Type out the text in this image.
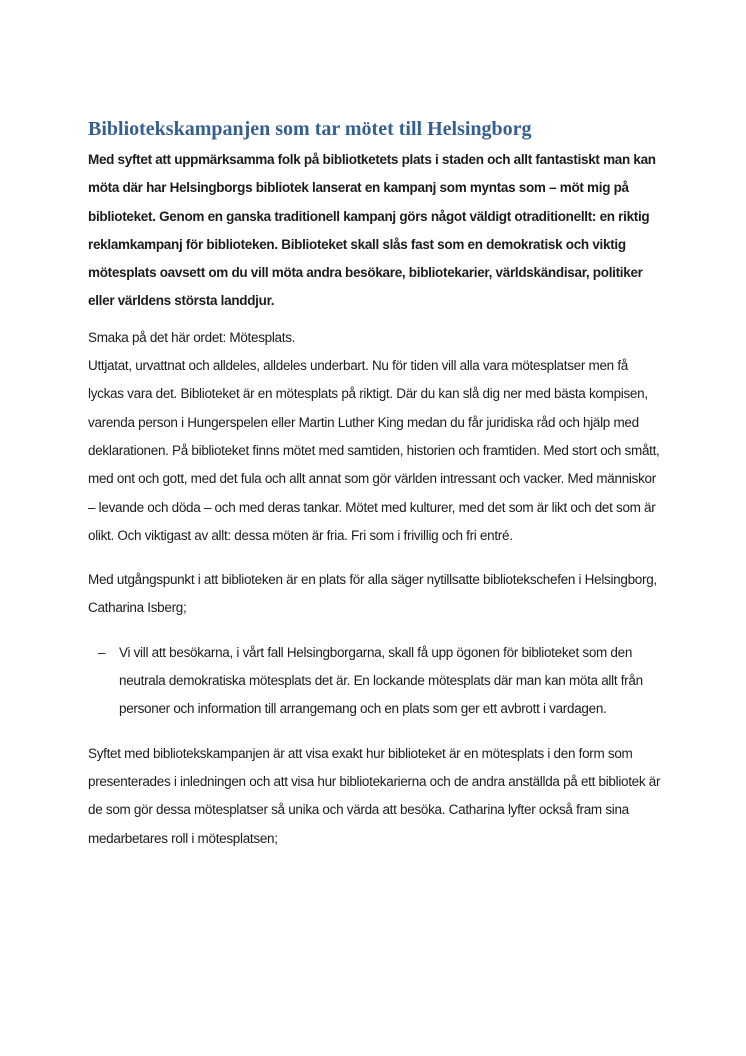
Bibliotekskampanjen som tar mötet till Helsingborg

Med syftet att uppmärksamma folk på bibliotketets plats i staden och allt fantastiskt man kan möta där har Helsingborgs bibliotek lanserat en kampanj som myntas som – möt mig på biblioteket. Genom en ganska traditionell kampanj görs något väldigt otraditionellt: en riktig reklamkampanj för biblioteken. Biblioteket skall slås fast som en demokratisk och viktig mötesplats oavsett om du vill möta andra besökare, bibliotekarier, världskändisar, politiker eller världens största landdjur.

Smaka på det här ordet: Mötesplats.

Uttjatat, urvattnat och alldeles, alldeles underbart. Nu för tiden vill alla vara mötesplatser men få lyckas vara det. Biblioteket är en mötesplats på riktigt. Där du kan slå dig ner med bästa kompisen, varenda person i Hungerspelen eller Martin Luther King medan du får juridiska råd och hjälp med deklarationen. På biblioteket finns mötet med samtiden, historien och framtiden. Med stort och smått, med ont och gott, med det fula och allt annat som gör världen intressant och vacker. Med människor – levande och döda – och med deras tankar. Mötet med kulturer, med det som är likt och det som är olikt. Och viktigast av allt: dessa möten är fria. Fri som i frivillig och fri entré.

Med utgångspunkt i att biblioteken är en plats för alla säger nytillsatte bibliotekschefen i Helsingborg, Catharina Isberg;

–	Vi vill att besökarna, i vårt fall Helsingborgarna, skall få upp ögonen för biblioteket som den neutrala demokratiska mötesplats det är. En lockande mötesplats där man kan möta allt från personer och information till arrangemang och en plats som ger ett avbrott i vardagen.

Syftet med bibliotekskampanjen är att visa exakt hur biblioteket är en mötesplats i den form som presenterades i inledningen och att visa hur bibliotekarierna och de andra anställda på ett bibliotek är de som gör dessa mötesplatser så unika och värda att besöka. Catharina lyfter också fram sina medarbetares roll i mötesplatsen;
